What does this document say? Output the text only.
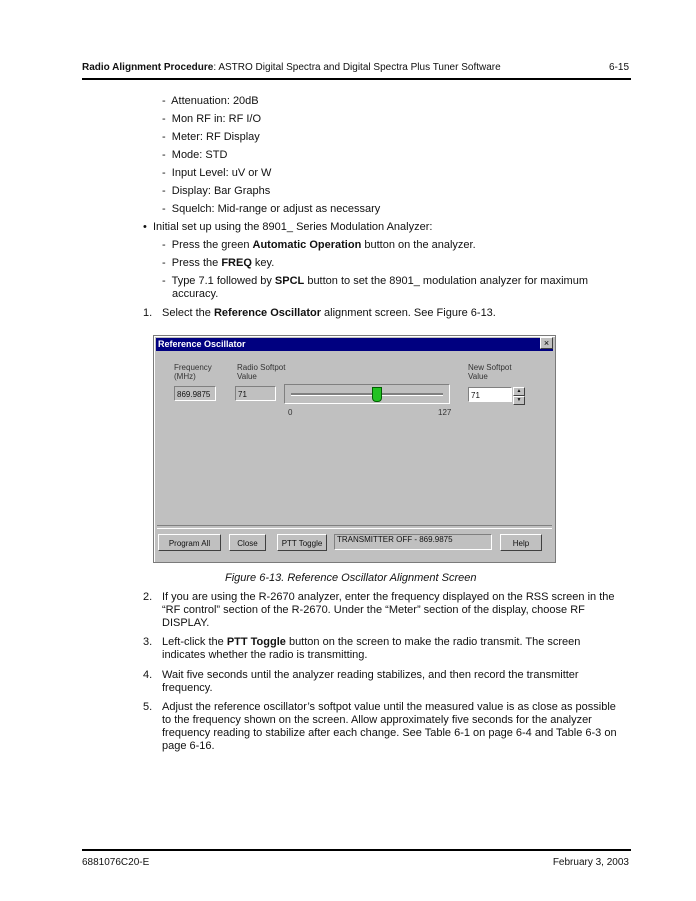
Radio Alignment Procedure: ASTRO Digital Spectra and Digital Spectra Plus Tuner Software	6-15
-  Attenuation: 20dB
-  Mon RF in: RF I/O
-  Meter: RF Display
-  Mode: STD
-  Input Level: uV or W
-  Display: Bar Graphs
-  Squelch: Mid-range or adjust as necessary
•  Initial set up using the 8901_ Series Modulation Analyzer:
-  Press the green Automatic Operation button on the analyzer.
-  Press the FREQ key.
-  Type 7.1 followed by SPCL button to set the 8901_ modulation analyzer for maximum
accuracy.
1. Select the Reference Oscillator alignment screen. See Figure 6-13.
Reference Oscillator	×
Frequency
(MHz)
869.9875
Radio Softpot
Value
71
0	127
New Softpot
Value
71	▲
▼
Program All	Close	PTT Toggle	TRANSMITTER OFF - 869.9875	Help
Figure 6-13. Reference Oscillator Alignment Screen
2. If you are using the R-2670 analyzer, enter the frequency displayed on the RSS screen in the
“RF control” section of the R-2670. Under the “Meter” section of the display, choose RF
DISPLAY.
3. Left-click the PTT Toggle button on the screen to make the radio transmit. The screen
indicates whether the radio is transmitting.
4. Wait five seconds until the analyzer reading stabilizes, and then record the transmitter
frequency.
5. Adjust the reference oscillator’s softpot value until the measured value is as close as possible
to the frequency shown on the screen. Allow approximately five seconds for the analyzer
frequency reading to stabilize after each change. See Table 6-1 on page 6-4 and Table 6-3 on
page 6-16.
6881076C20-E	February 3, 2003
